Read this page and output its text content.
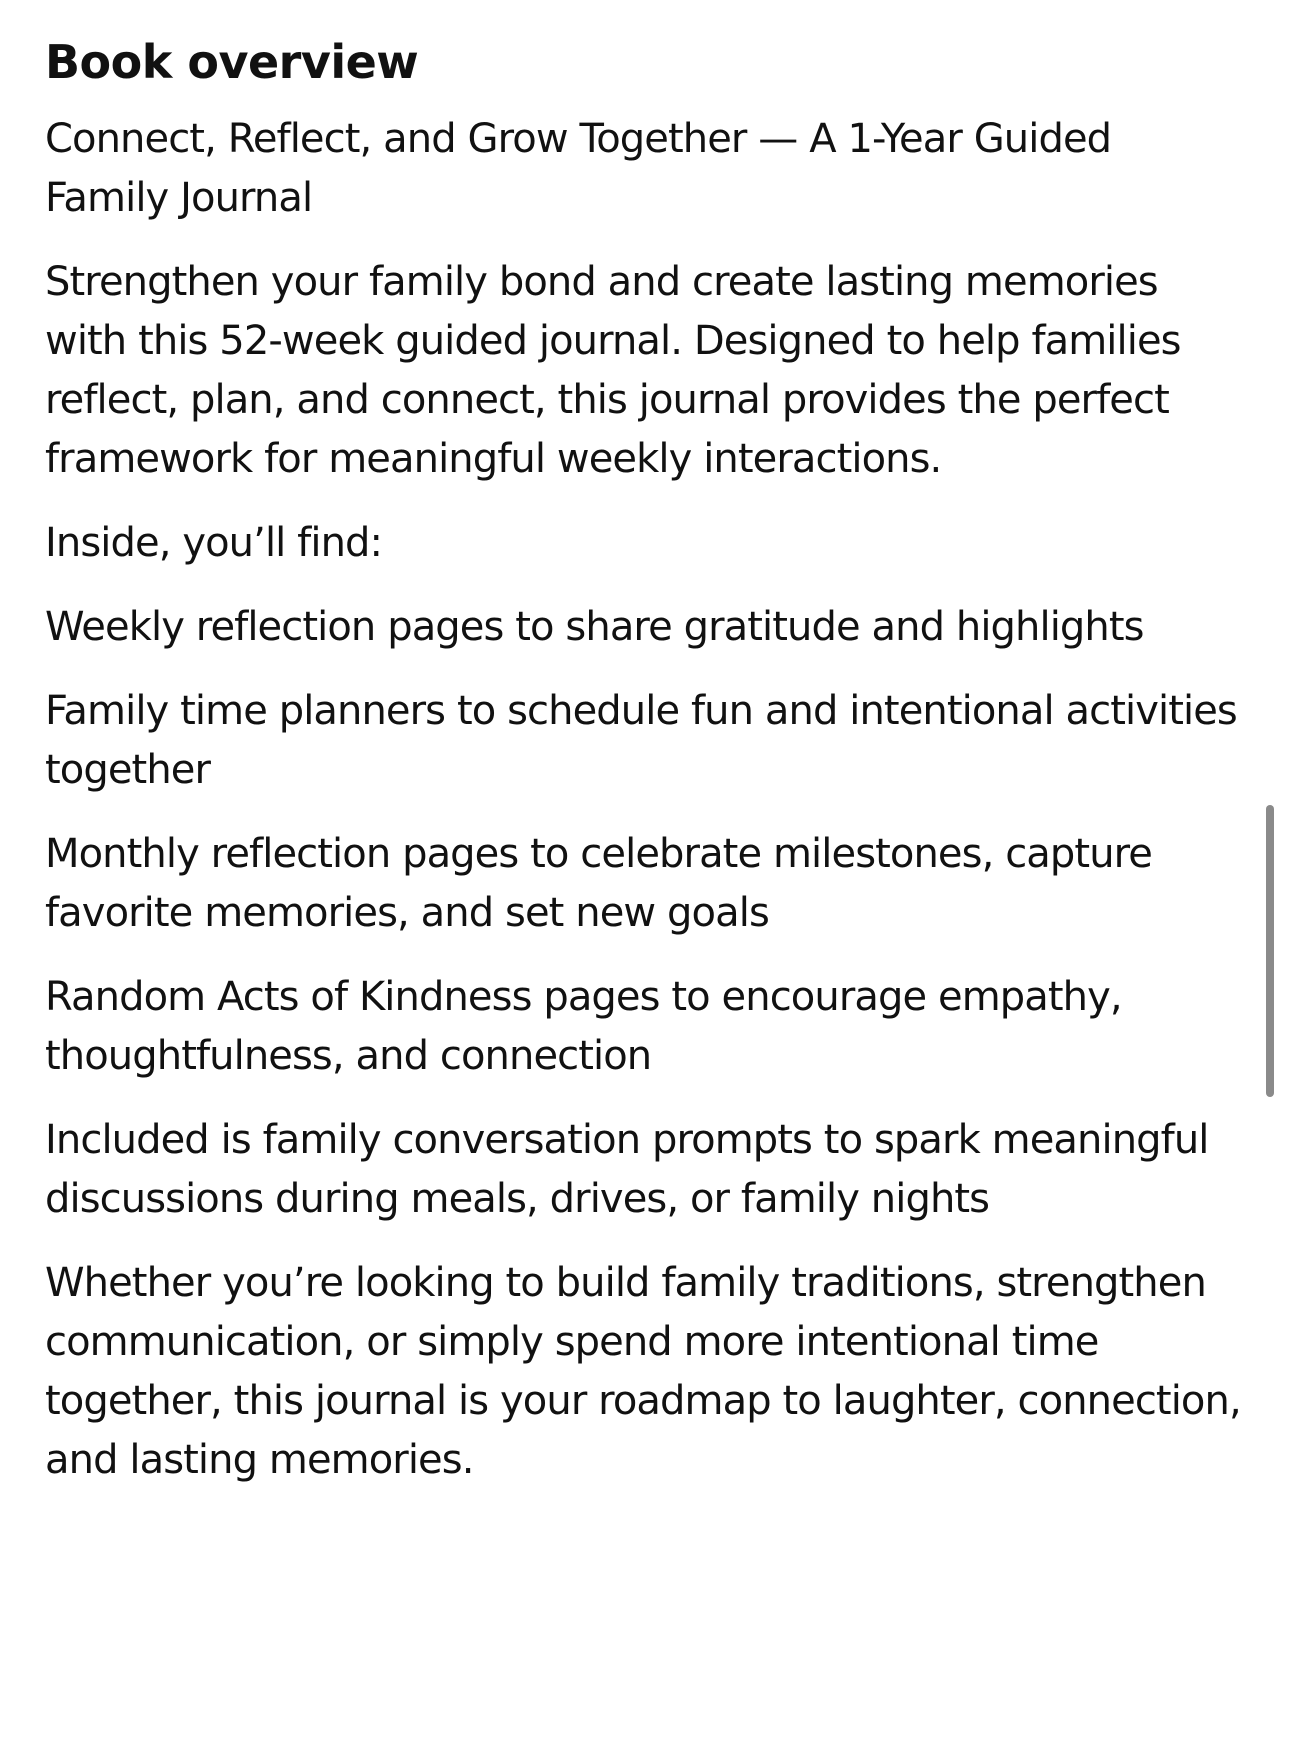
Book overview

Connect, Reflect, and Grow Together — A 1-Year Guided Family Journal

Strengthen your family bond and create lasting memories with this 52-week guided journal. Designed to help families reflect, plan, and connect, this journal provides the perfect framework for meaningful weekly interactions.

Inside, you’ll find:

Weekly reflection pages to share gratitude and highlights

Family time planners to schedule fun and intentional activities together

Monthly reflection pages to celebrate milestones, capture favorite memories, and set new goals

Random Acts of Kindness pages to encourage empathy, thoughtfulness, and connection

Included is family conversation prompts to spark meaningful discussions during meals, drives, or family nights

Whether you’re looking to build family traditions, strengthen communication, or simply spend more intentional time together, this journal is your roadmap to laughter, connection, and lasting memories.
